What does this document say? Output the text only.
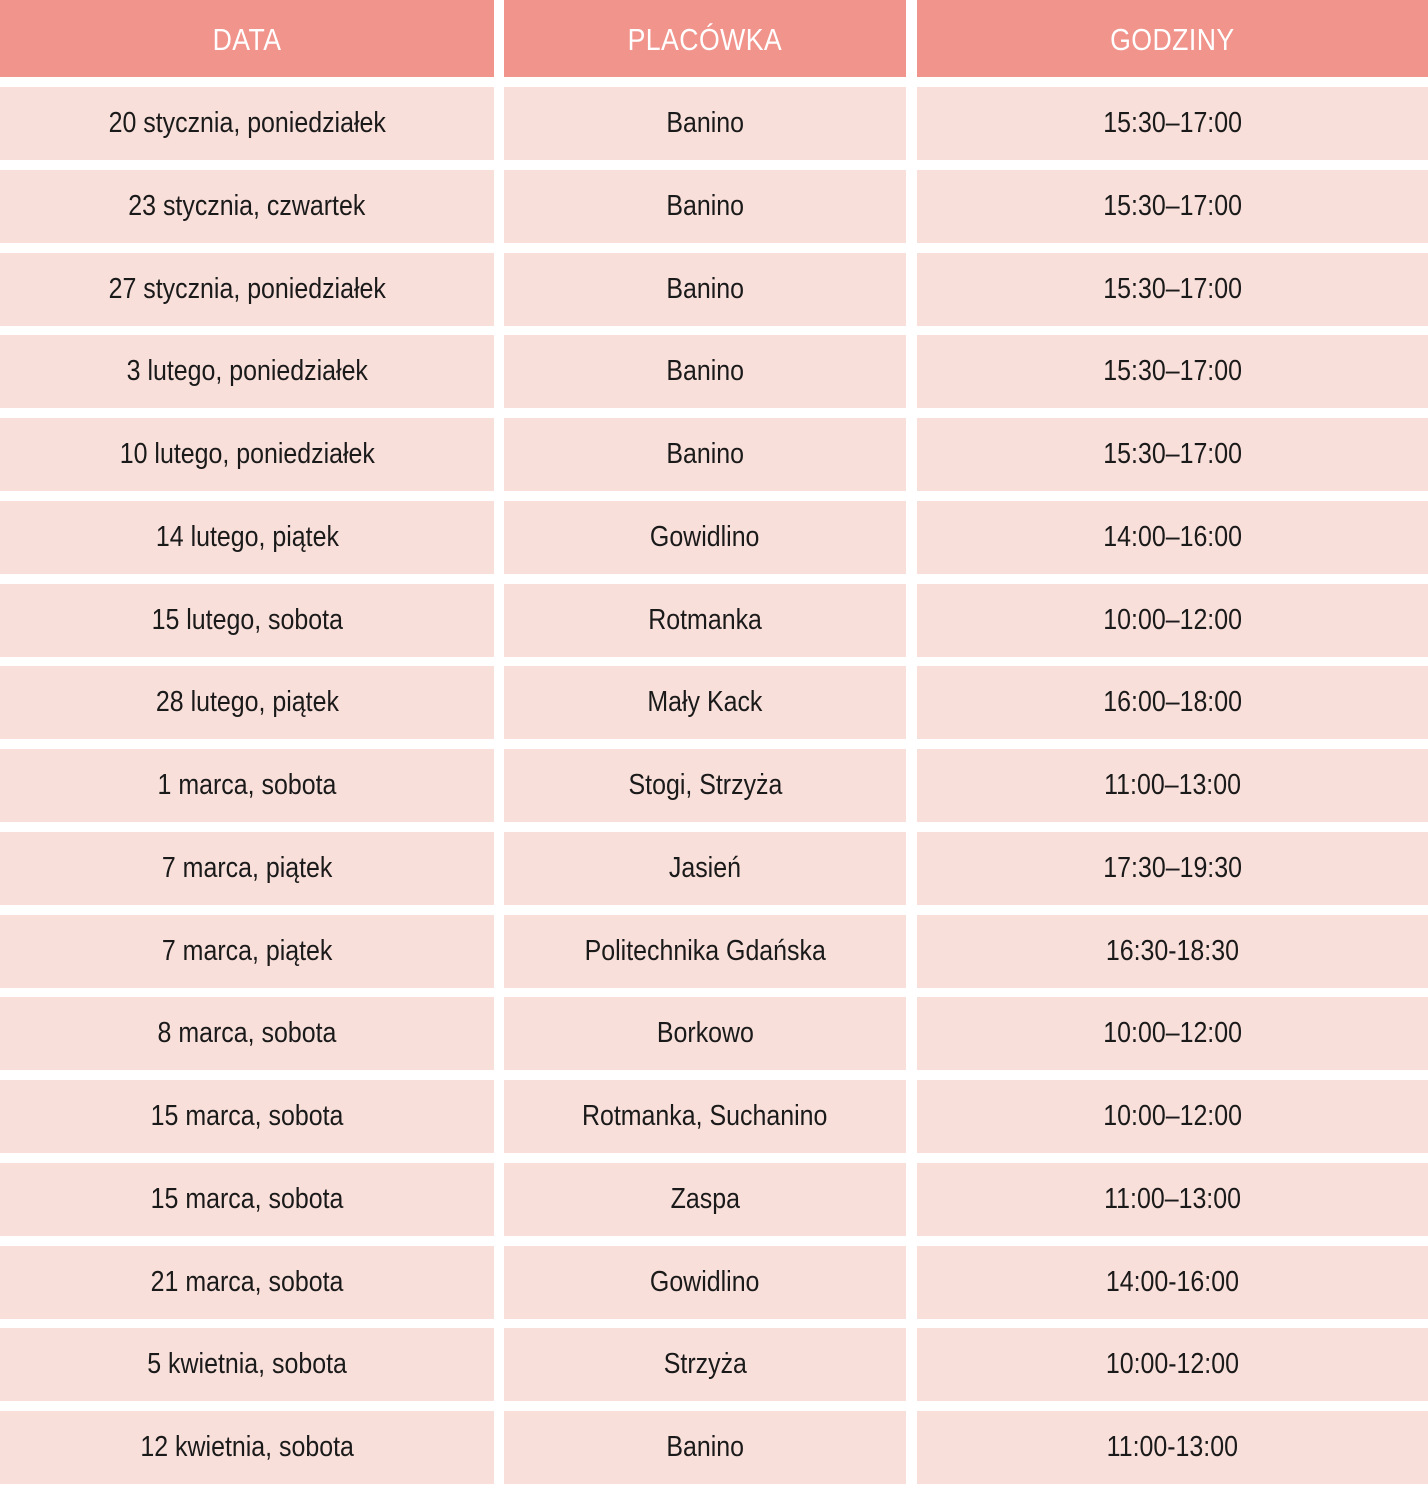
DATA	PLACÓWKA	GODZINY
20 stycznia, poniedziałek	Banino	15:30–17:00
23 stycznia, czwartek	Banino	15:30–17:00
27 stycznia, poniedziałek	Banino	15:30–17:00
3 lutego, poniedziałek	Banino	15:30–17:00
10 lutego, poniedziałek	Banino	15:30–17:00
14 lutego, piątek	Gowidlino	14:00–16:00
15 lutego, sobota	Rotmanka	10:00–12:00
28 lutego, piątek	Mały Kack	16:00–18:00
1 marca, sobota	Stogi, Strzyża	11:00–13:00
7 marca, piątek	Jasień	17:30–19:30
7 marca, piątek	Politechnika Gdańska	16:30-18:30
8 marca, sobota	Borkowo	10:00–12:00
15 marca, sobota	Rotmanka, Suchanino	10:00–12:00
15 marca, sobota	Zaspa	11:00–13:00
21 marca, sobota	Gowidlino	14:00-16:00
5 kwietnia, sobota	Strzyża	10:00-12:00
12 kwietnia, sobota	Banino	11:00-13:00
